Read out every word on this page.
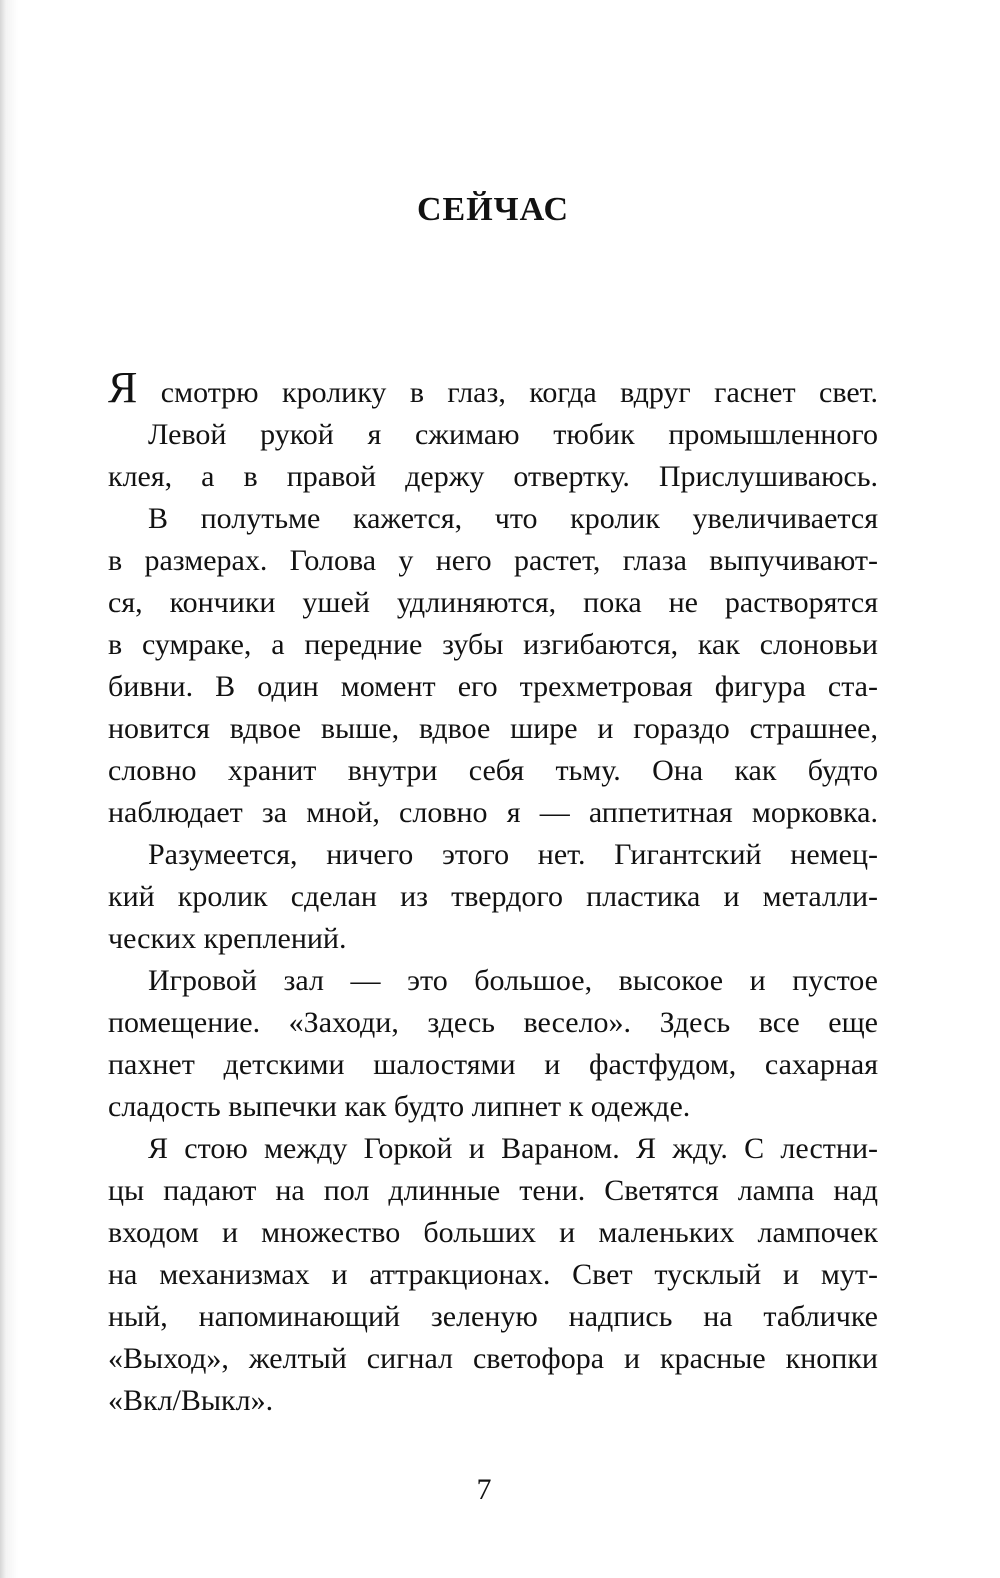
СЕЙЧАС
Я смотрю кролику в глаз, когда вдруг гаснет свет.
Левой рукой я сжимаю тюбик промышленного
клея, а в правой держу отвертку. Прислушиваюсь.
В полутьме кажется, что кролик увеличивается
в размерах. Голова у него растет, глаза выпучивают-
ся, кончики ушей удлиняются, пока не растворятся
в сумраке, а передние зубы изгибаются, как слоновьи
бивни. В один момент его трехметровая фигура ста-
новится вдвое выше, вдвое шире и гораздо страшнее,
словно хранит внутри себя тьму. Она как будто
наблюдает за мной, словно я — аппетитная морковка.
Разумеется, ничего этого нет. Гигантский немец-
кий кролик сделан из твердого пластика и металли-
ческих креплений.
Игровой зал — это большое, высокое и пустое
помещение. «Заходи, здесь весело». Здесь все еще
пахнет детскими шалостями и фастфудом, сахарная
сладость выпечки как будто липнет к одежде.
Я стою между Горкой и Вараном. Я жду. С лестни-
цы падают на пол длинные тени. Светятся лампа над
входом и множество больших и маленьких лампочек
на механизмах и аттракционах. Свет тусклый и мут-
ный, напоминающий зеленую надпись на табличке
«Выход», желтый сигнал светофора и красные кнопки
«Вкл/Выкл».
7
